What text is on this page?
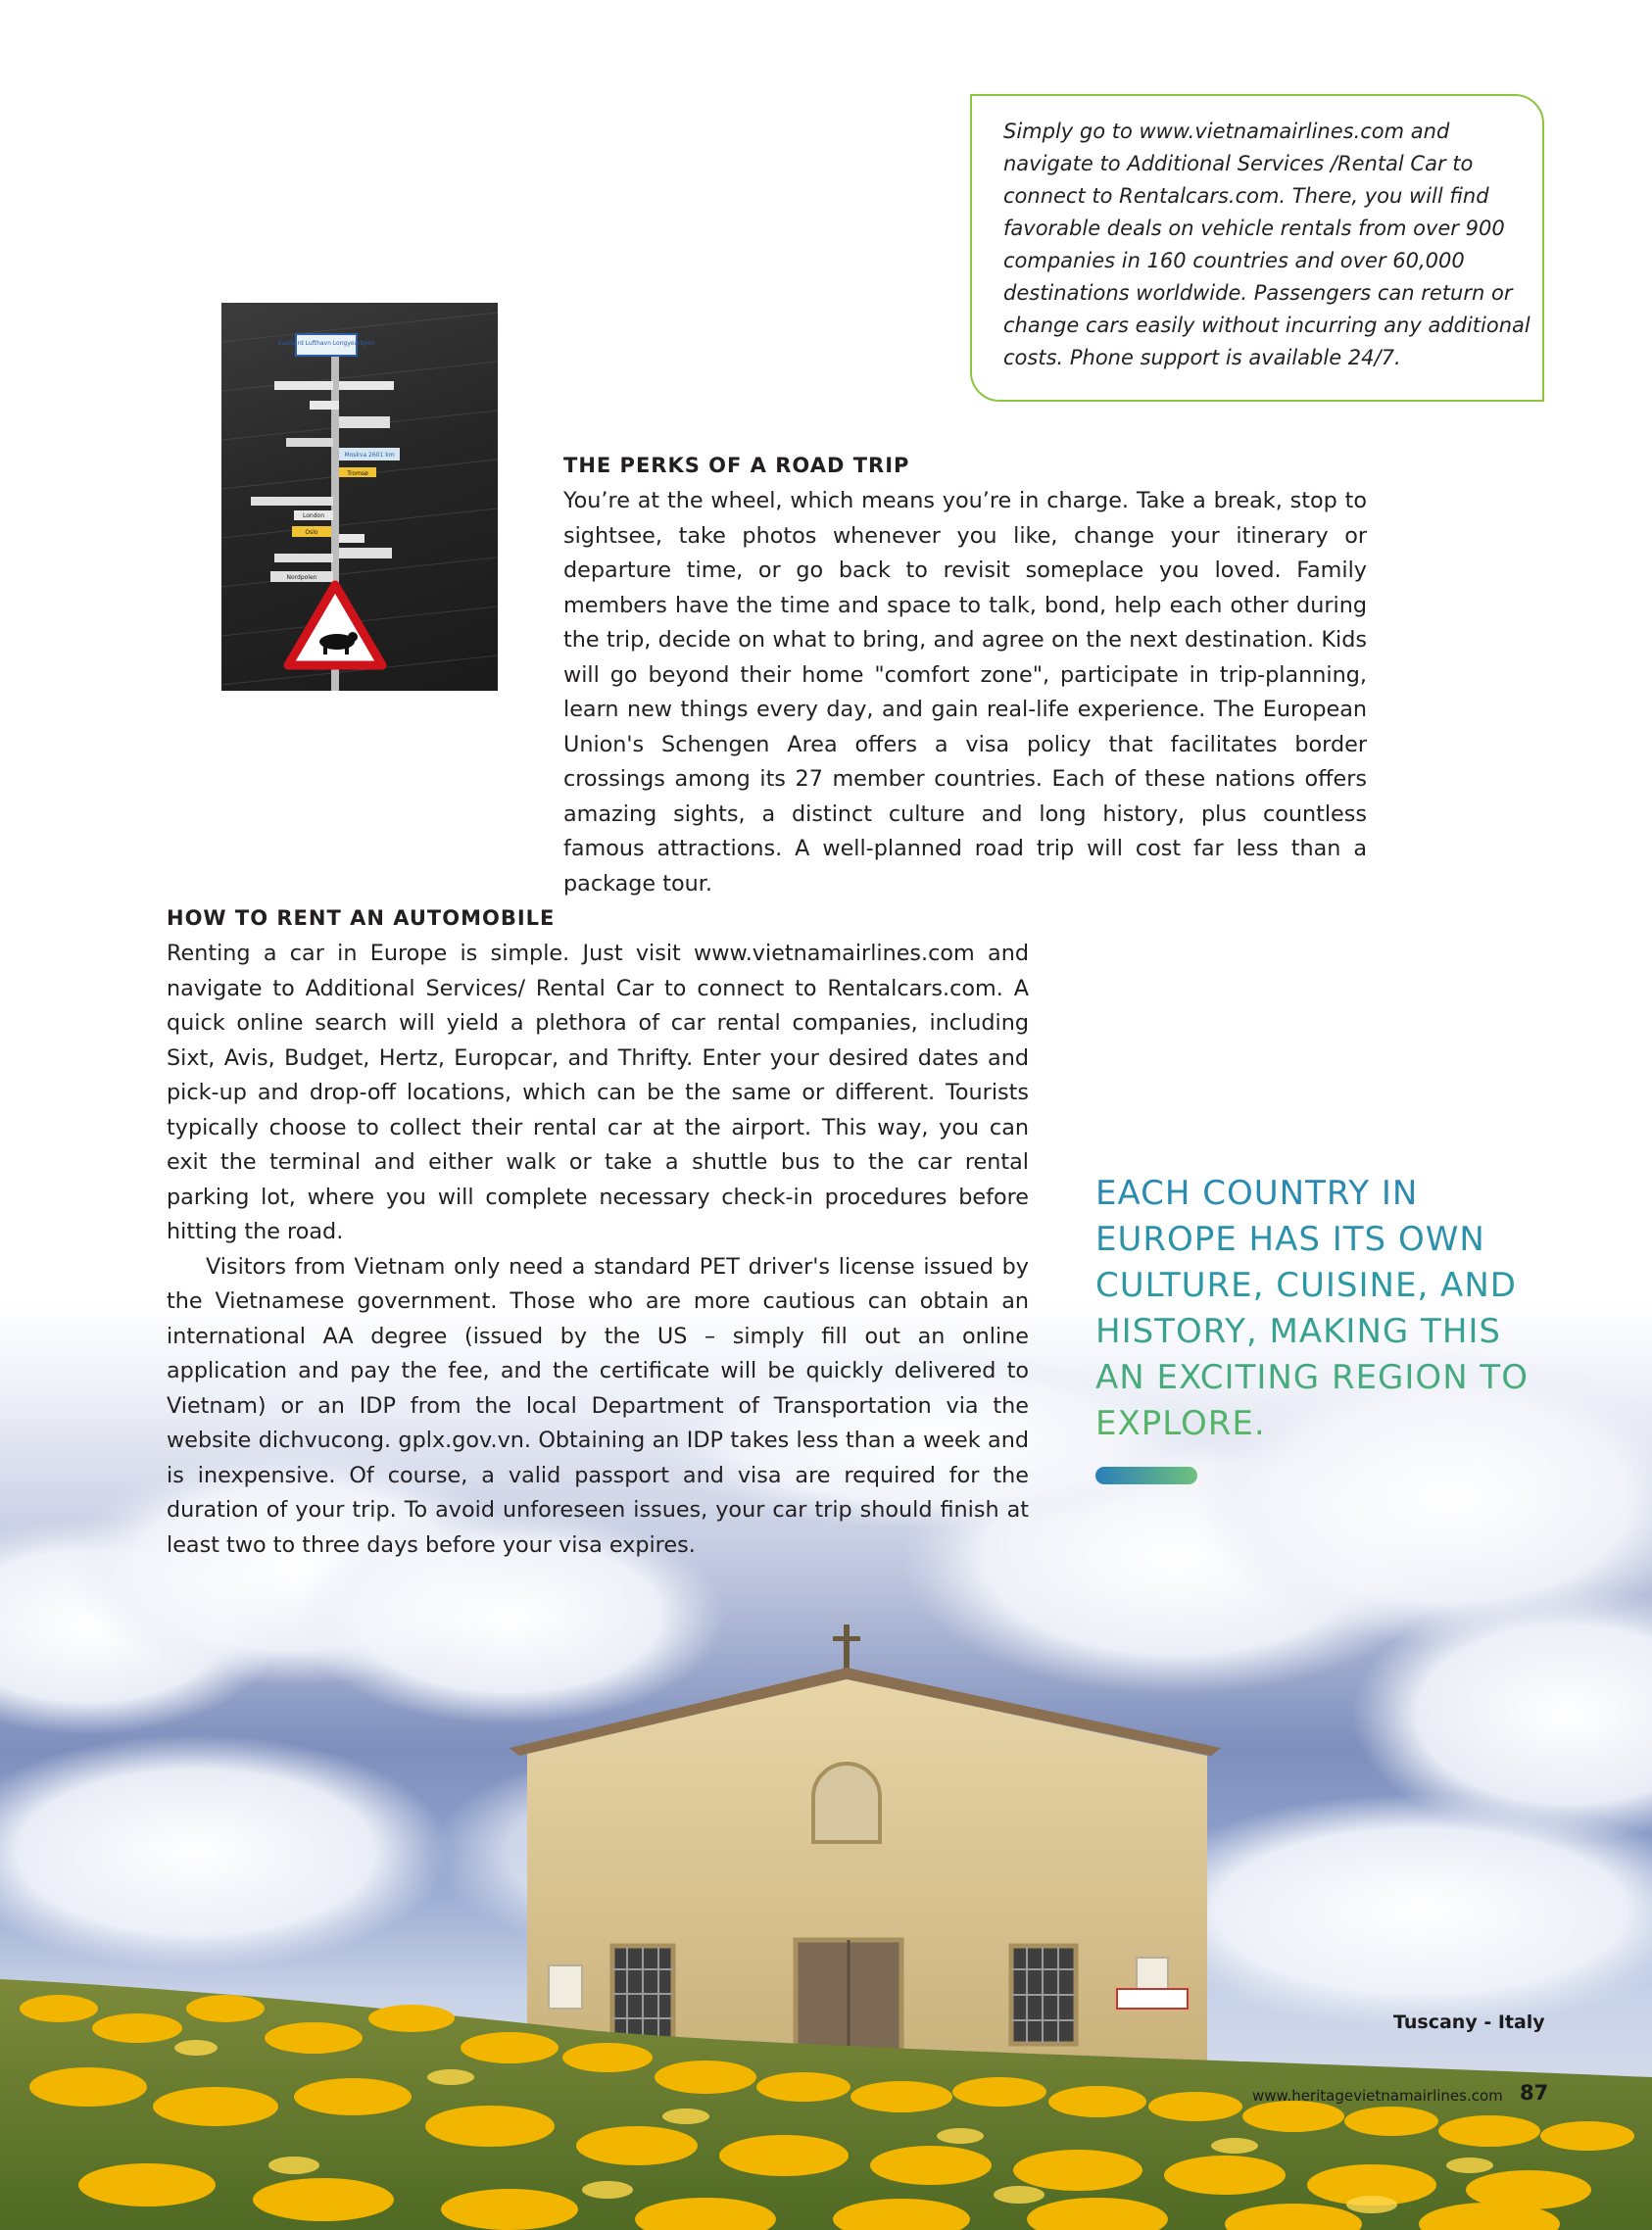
Simply go to www.vietnamairlines.com and navigate to Additional Services /Rental Car to connect to Rentalcars.com. There, you will find favorable deals on vehicle rentals from over 900 companies in 160 countries and over 60,000 destinations worldwide. Passengers can return or change cars easily without incurring any additional costs. Phone support is available 24/7.
Svalbard Lufthavn Longyearbyen
Moskva 2601 km
Tromsø
London
Oslo
Nordpolen
THE PERKS OF A ROAD TRIP

You’re at the wheel, which means you’re in charge. Take a break, stop to sightsee, take photos whenever you like, change your itinerary or departure time, or go back to revisit someplace you loved. Family members have the time and space to talk, bond, help each other during the trip, decide on what to bring, and agree on the next destination. Kids will go beyond their home "comfort zone", participate in trip-planning, learn new things every day, and gain real-life experience. The European Union's Schengen Area offers a visa policy that facilitates border crossings among its 27 member countries. Each of these nations offers amazing sights, a distinct culture and long history, plus countless famous attractions. A well-planned road trip will cost far less than a package tour.

HOW TO RENT AN AUTOMOBILE

Renting a car in Europe is simple. Just visit www.vietnamairlines.com and navigate to Additional Services/ Rental Car to connect to Rentalcars.com. A quick online search will yield a plethora of car rental companies, including Sixt, Avis, Budget, Hertz, Europcar, and Thrifty. Enter your desired dates and pick-up and drop-off locations, which can be the same or different. Tourists typically choose to collect their rental car at the airport. This way, you can exit the terminal and either walk or take a shuttle bus to the car rental parking lot, where you will complete necessary check-in procedures before hitting the road.

Visitors from Vietnam only need a standard PET driver's license issued by the Vietnamese government. Those who are more cautious can obtain an international AA degree (issued by the US – simply fill out an online application and pay the fee, and the certificate will be quickly delivered to Vietnam) or an IDP from the local Department of Transportation via the website dichvucong. gplx.gov.vn. Obtaining an IDP takes less than a week and is inexpensive. Of course, a valid passport and visa are required for the duration of your trip. To avoid unforeseen issues, your car trip should finish at least two to three days before your visa expires.

EACH COUNTRY IN EUROPE HAS ITS OWN CULTURE, CUISINE, AND HISTORY, MAKING THIS AN EXCITING REGION TO EXPLORE.
Tuscany - Italy
www.heritagevietnamairlines.com 87
